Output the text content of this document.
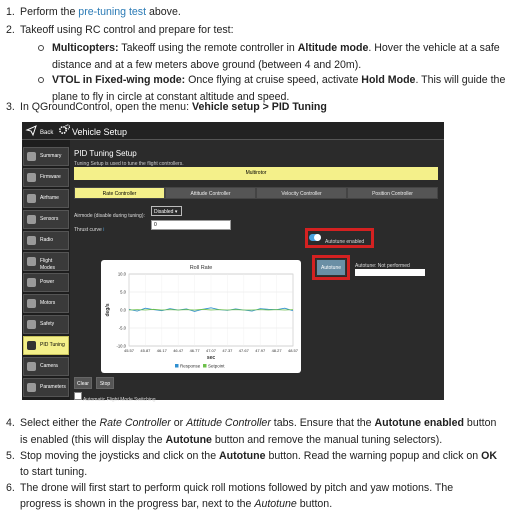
1. Perform the pre-tuning test above.
2. Takeoff using RC control and prepare for test:
Multicopters: Takeoff using the remote controller in Altitude mode. Hover the vehicle at a safe
distance and at a few meters above ground (between 4 and 20m).
VTOL in Fixed-wing mode: Once flying at cruise speed, activate Hold Mode. This will guide the
plane to fly in circle at constant altitude and speed.
3. In QGroundControl, open the menu: Vehicle setup > PID Tuning
Back Vehicle Setup
Summary
Firmware
Airframe
Sensors
Radio
Flight Modes
Power
Motors
Safety
PID Tuning
Camera
Parameters
PID Tuning Setup
Tuning Setup is used to tune the flight controllers.
Multirotor
Rate Controller	Attitude Controller	Velocity Controller	Position Controller
Airmode (disable during tuning):
Disabled ▾
Thrust curve i
0
Roll Rate
10.0
5.0
0.0
-5.0
-10.0
45.57 45.87 46.17 46.47 46.77 47.07 47.37 47.67 47.97 48.27 48.57
sec
deg/s
Response Setpoint
Autotune enabled
Autotune	Autotune: Not performed
Clear	Stop
Automatic Flight Mode Switching
4. Select either the Rate Controller or Attitude Controller tabs. Ensure that the Autotune enabled button
is enabled (this will display the Autotune button and remove the manual tuning selectors).
5. Stop moving the joysticks and click on the Autotune button. Read the warning popup and click on OK
to start tuning.
6. The drone will first start to perform quick roll motions followed by pitch and yaw motions. The
progress is shown in the progress bar, next to the Autotune button.
